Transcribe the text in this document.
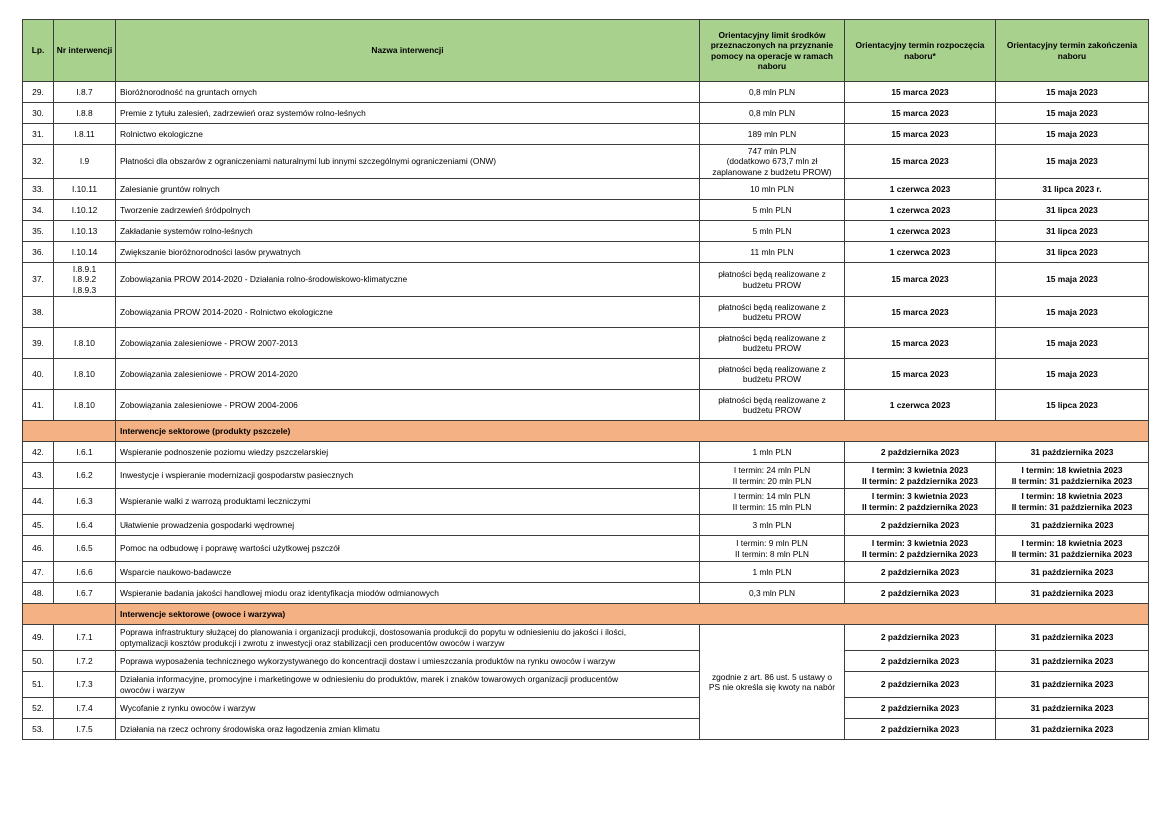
Lp.	Nr interwencji	Nazwa interwencji	Orientacyjny limit środków przeznaczonych na przyznanie pomocy na operacje w ramach naboru	Orientacyjny termin rozpoczęcia naboru*	Orientacyjny termin zakończenia naboru
29.	I.8.7	Bioróżnorodność na gruntach ornych	0,8 mln PLN	15 marca 2023	15 maja 2023

30.	I.8.8	Premie z tytułu zalesień, zadrzewień oraz systemów rolno-leśnych	0,8 mln PLN	15 marca 2023	15 maja 2023

31.	I.8.11	Rolnictwo ekologiczne	189 mln PLN	15 marca 2023	15 maja 2023

32.	I.9	Płatności dla obszarów z ograniczeniami naturalnymi lub innymi szczególnymi ograniczeniami (ONW)	747 mln PLN
(dodatkowo 673,7 mln zł
zaplanowane z budżetu PROW)	15 marca 2023	15 maja 2023

33.	I.10.11	Zalesianie gruntów rolnych	10 mln PLN	1 czerwca 2023	31 lipca 2023 r.

34.	I.10.12	Tworzenie zadrzewień śródpolnych	5 mln PLN	1 czerwca 2023	31 lipca 2023

35.	I.10.13	Zakładanie systemów rolno-leśnych	5 mln PLN	1 czerwca 2023	31 lipca 2023

36.	I.10.14	Zwiększanie bioróżnorodności lasów prywatnych	11 mln PLN	1 czerwca 2023	31 lipca 2023

37.	I.8.9.1
I.8.9.2
I.8.9.3	Zobowiązania PROW 2014-2020 - Działania rolno-środowiskowo-klimatyczne	płatności będą realizowane z
budżetu PROW	15 marca 2023	15 maja 2023

38.		Zobowiązania PROW 2014-2020 - Rolnictwo ekologiczne	płatności będą realizowane z
budżetu PROW	15 marca 2023	15 maja 2023

39.	I.8.10	Zobowiązania zalesieniowe - PROW 2007-2013	płatności będą realizowane z
budżetu PROW	15 marca 2023	15 maja 2023

40.	I.8.10	Zobowiązania zalesieniowe - PROW 2014-2020	płatności będą realizowane z
budżetu PROW	15 marca 2023	15 maja 2023

41.	I.8.10	Zobowiązania zalesieniowe - PROW 2004-2006	płatności będą realizowane z
budżetu PROW	1 czerwca 2023	15 lipca 2023

		Interwencje sektorowe (produkty pszczele)			
42.	I.6.1	Wspieranie podnoszenie poziomu wiedzy pszczelarskiej	1 mln PLN	2 października 2023	31 października 2023

43.	I.6.2	Inwestycje i wspieranie modernizacji gospodarstw pasiecznych	I termin: 24 mln PLN
II termin: 20 mln PLN	I termin: 3 kwietnia 2023
II termin: 2 października 2023	I termin: 18 kwietnia 2023
II termin: 31 października 2023

44.	I.6.3	Wspieranie walki z warrozą produktami leczniczymi	I termin: 14 mln PLN
II termin: 15 mln PLN	I termin: 3 kwietnia 2023
II termin: 2 października 2023	I termin: 18 kwietnia 2023
II termin: 31 października 2023

45.	I.6.4	Ułatwienie prowadzenia gospodarki wędrownej	3 mln PLN	2 października 2023	31 października 2023

46.	I.6.5	Pomoc na odbudowę i poprawę wartości użytkowej pszczół	I termin: 9 mln PLN
II termin: 8 mln PLN	I termin: 3 kwietnia 2023
II termin: 2 października 2023	I termin: 18 kwietnia 2023
II termin: 31 października 2023

47.	I.6.6	Wsparcie naukowo-badawcze	1 mln PLN	2 października 2023	31 października 2023

48.	I.6.7	Wspieranie badania jakości handlowej miodu oraz identyfikacja miodów odmianowych	0,3 mln PLN	2 października 2023	31 października 2023

		Interwencje sektorowe (owoce i warzywa)			
49.	I.7.1	Poprawa infrastruktury służącej do planowania i organizacji produkcji, dostosowania produkcji do popytu w odniesieniu do jakości i ilości,
optymalizacji kosztów produkcji i zwrotu z inwestycji oraz stabilizacji cen producentów owoców i warzyw	zgodnie z art. 86 ust. 5 ustawy o
PS nie określa się kwoty na nabór	2 października 2023	31 października 2023

50.	I.7.2	Poprawa wyposażenia technicznego wykorzystywanego do koncentracji dostaw i umieszczania produktów na rynku owoców i warzyw		2 października 2023	31 października 2023

51.	I.7.3	Działania informacyjne, promocyjne i marketingowe w odniesieniu do produktów, marek i znaków towarowych organizacji producentów
owoców i warzyw		2 października 2023	31 października 2023

52.	I.7.4	Wycofanie z rynku owoców i warzyw		2 października 2023	31 października 2023

53.	I.7.5	Działania na rzecz ochrony środowiska oraz łagodzenia zmian klimatu		2 października 2023	31 października 2023
